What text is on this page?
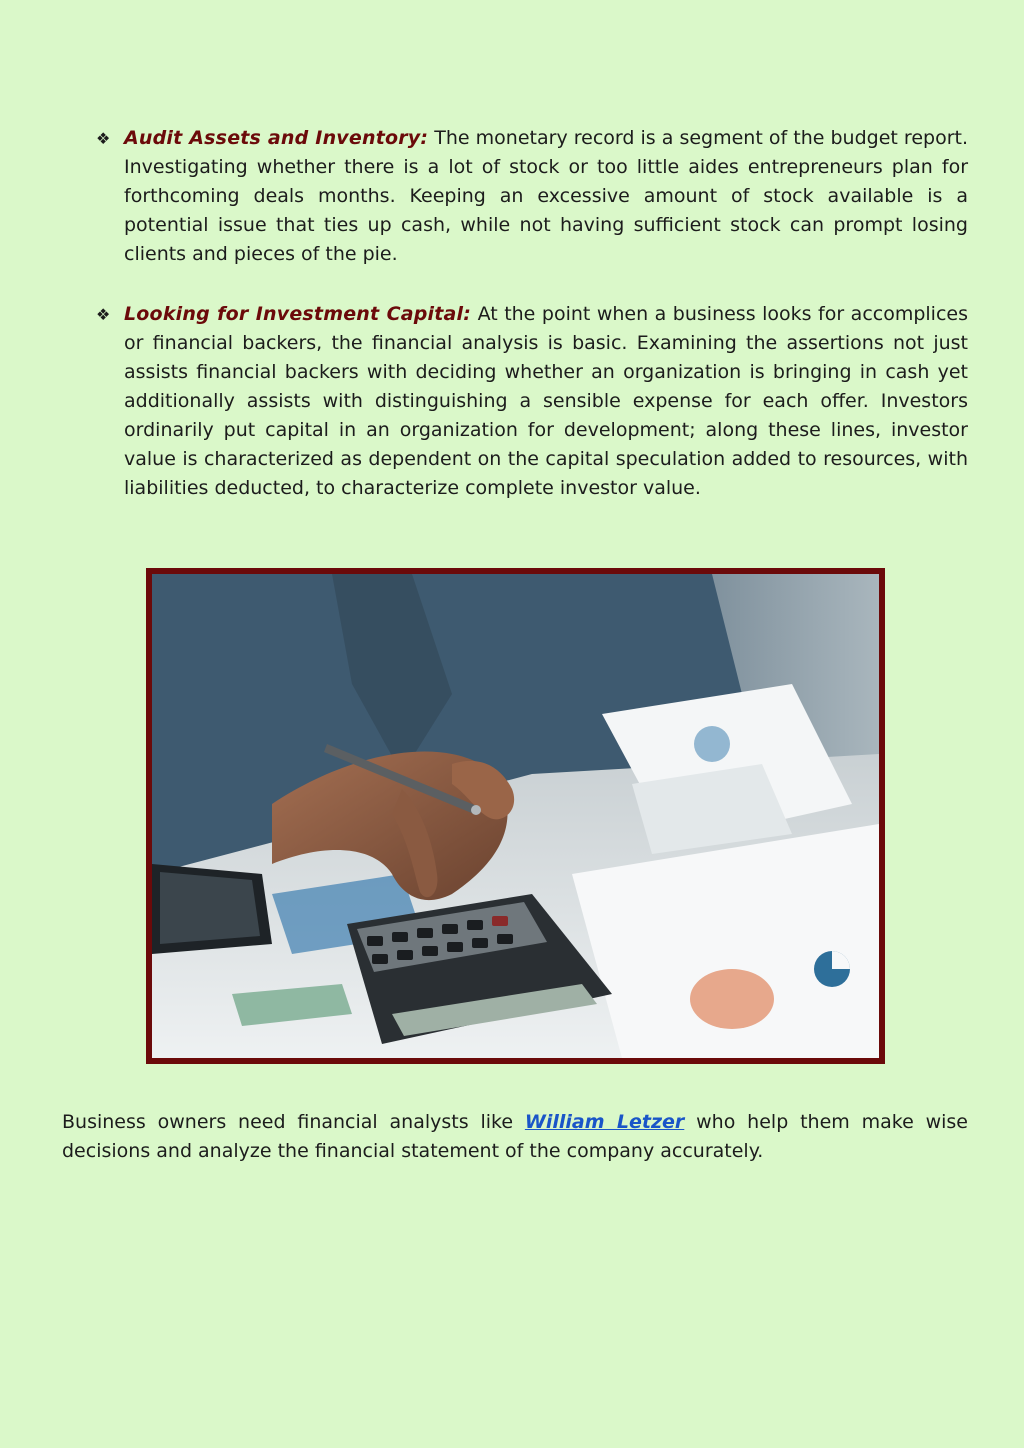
❖ Audit Assets and Inventory: The monetary record is a segment of the budget report. Investigating whether there is a lot of stock or too little aides entrepreneurs plan for forthcoming deals months. Keeping an excessive amount of stock available is a potential issue that ties up cash, while not having sufficient stock can prompt losing clients and pieces of the pie.

❖ Looking for Investment Capital: At the point when a business looks for accomplices or financial backers, the financial analysis is basic. Examining the assertions not just assists financial backers with deciding whether an organization is bringing in cash yet additionally assists with distinguishing a sensible expense for each offer. Investors ordinarily put capital in an organization for development; along these lines, investor value is characterized as dependent on the capital speculation added to resources, with liabilities deducted, to characterize complete investor value.

Business owners need financial analysts like William Letzer who help them make wise decisions and analyze the financial statement of the company accurately.
